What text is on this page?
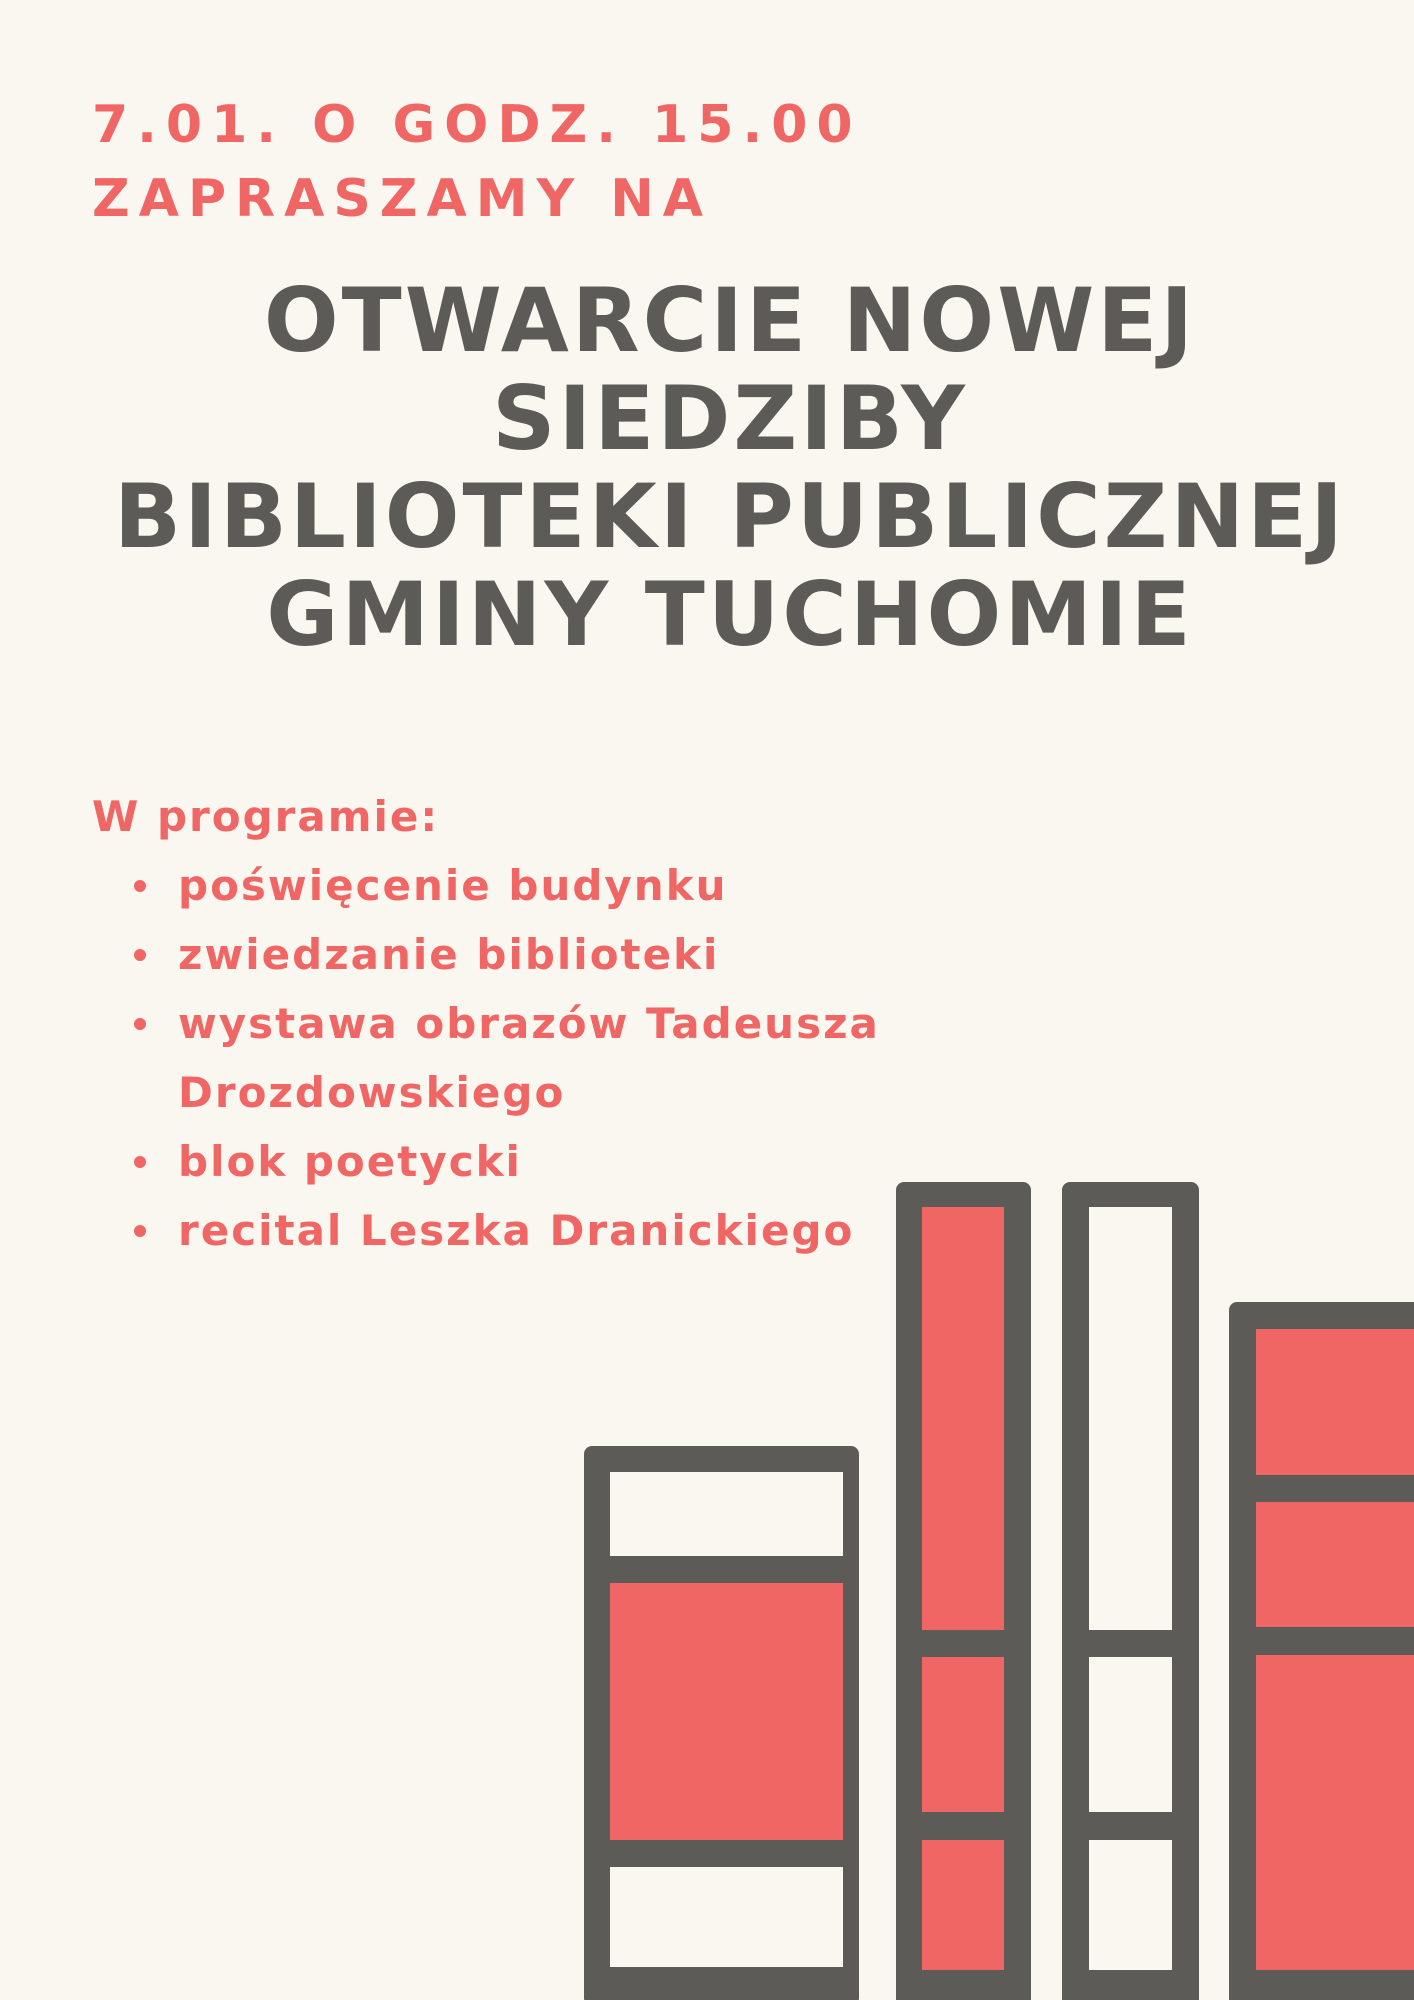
7.01. O GODZ. 15.00
ZAPRASZAMY NA
OTWARCIE NOWEJ
SIEDZIBY
BIBLIOTEKI PUBLICZNEJ
GMINY TUCHOMIE
W programie:
poświęcenie budynku
zwiedzanie biblioteki
wystawa obrazów Tadeusza
Drozdowskiego
blok poetycki
recital Leszka Dranickiego
